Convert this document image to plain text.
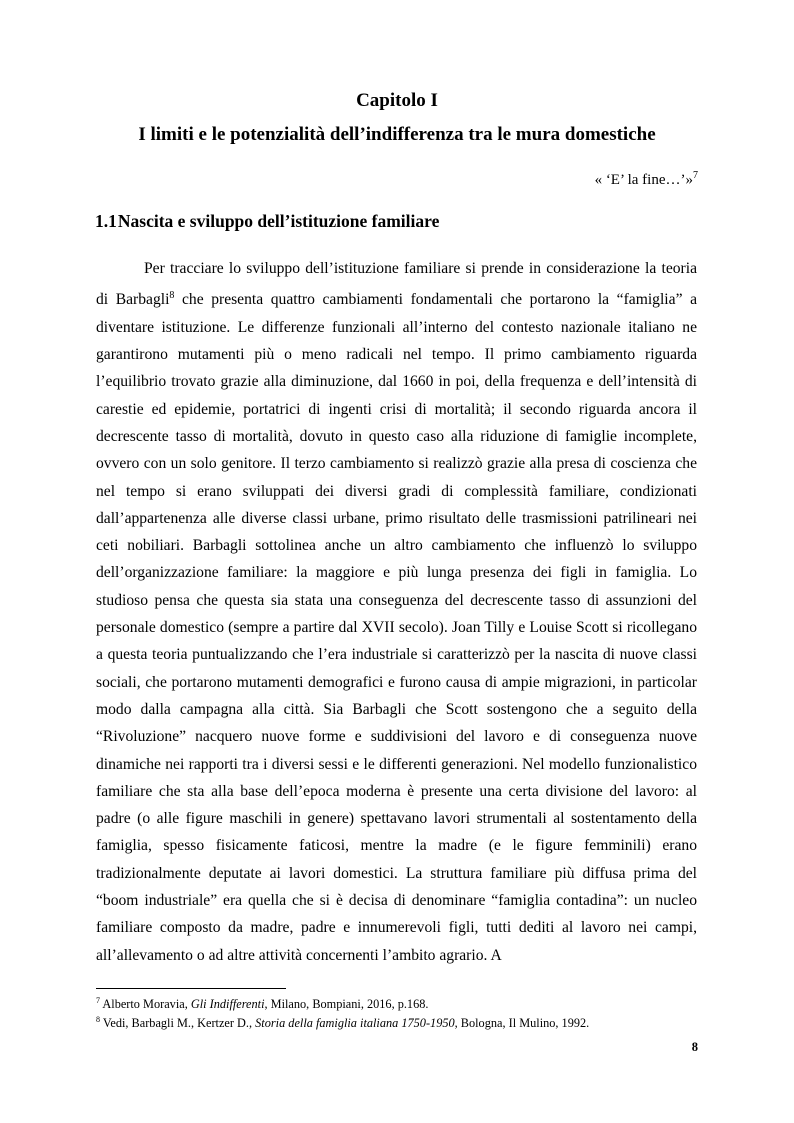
Capitolo I
I limiti e le potenzialità dell’indifferenza tra le mura domestiche
« ‘E’ la fine…’»$^7$
1.1Nascita e sviluppo dell’istituzione familiare

Per tracciare lo sviluppo dell’istituzione familiare si prende in considerazione la teoria di Barbagli$^8$ che presenta quattro cambiamenti fondamentali che portarono la “famiglia” a diventare istituzione. Le differenze funzionali all’interno del contesto nazionale italiano ne garantirono mutamenti più o meno radicali nel tempo. Il primo cambiamento riguarda l’equilibrio trovato grazie alla diminuzione, dal 1660 in poi, della frequenza e dell’intensità di carestie ed epidemie, portatrici di ingenti crisi di mortalità; il secondo riguarda ancora il decrescente tasso di mortalità, dovuto in questo caso alla riduzione di famiglie incomplete, ovvero con un solo genitore. Il terzo cambiamento si realizzò grazie alla presa di coscienza che nel tempo si erano sviluppati dei diversi gradi di complessità familiare, condizionati dall’appartenenza alle diverse classi urbane, primo risultato delle trasmissioni patrilineari nei ceti nobiliari. Barbagli sottolinea anche un altro cambiamento che influenzò lo sviluppo dell’organizzazione familiare: la maggiore e più lunga presenza dei figli in famiglia. Lo studioso pensa che questa sia stata una conseguenza del decrescente tasso di assunzioni del personale domestico (sempre a partire dal XVII secolo). Joan Tilly e Louise Scott si ricollegano a questa teoria puntualizzando che l’era industriale si caratterizzò per la nascita di nuove classi sociali, che portarono mutamenti demografici e furono causa di ampie migrazioni, in particolar modo dalla campagna alla città. Sia Barbagli che Scott sostengono che a seguito della “Rivoluzione” nacquero nuove forme e suddivisioni del lavoro e di conseguenza nuove dinamiche nei rapporti tra i diversi sessi e le differenti generazioni. Nel modello funzionalistico familiare che sta alla base dell’epoca moderna è presente una certa divisione del lavoro: al padre (o alle figure maschili in genere) spettavano lavori strumentali al sostentamento della famiglia, spesso fisicamente faticosi, mentre la madre (e le figure femminili) erano tradizionalmente deputate ai lavori domestici. La struttura familiare più diffusa prima del “boom industriale” era quella che si è decisa di denominare “famiglia contadina”: un nucleo familiare composto da madre, padre e innumerevoli figli, tutti dediti al lavoro nei campi, all’allevamento o ad altre attività concernenti l’ambito agrario. A

$^7$ Alberto Moravia, Gli Indifferenti, Milano, Bompiani, 2016, p.168.
$^8$ Vedi, Barbagli M., Kertzer D., Storia della famiglia italiana 1750-1950, Bologna, Il Mulino, 1992.
8
